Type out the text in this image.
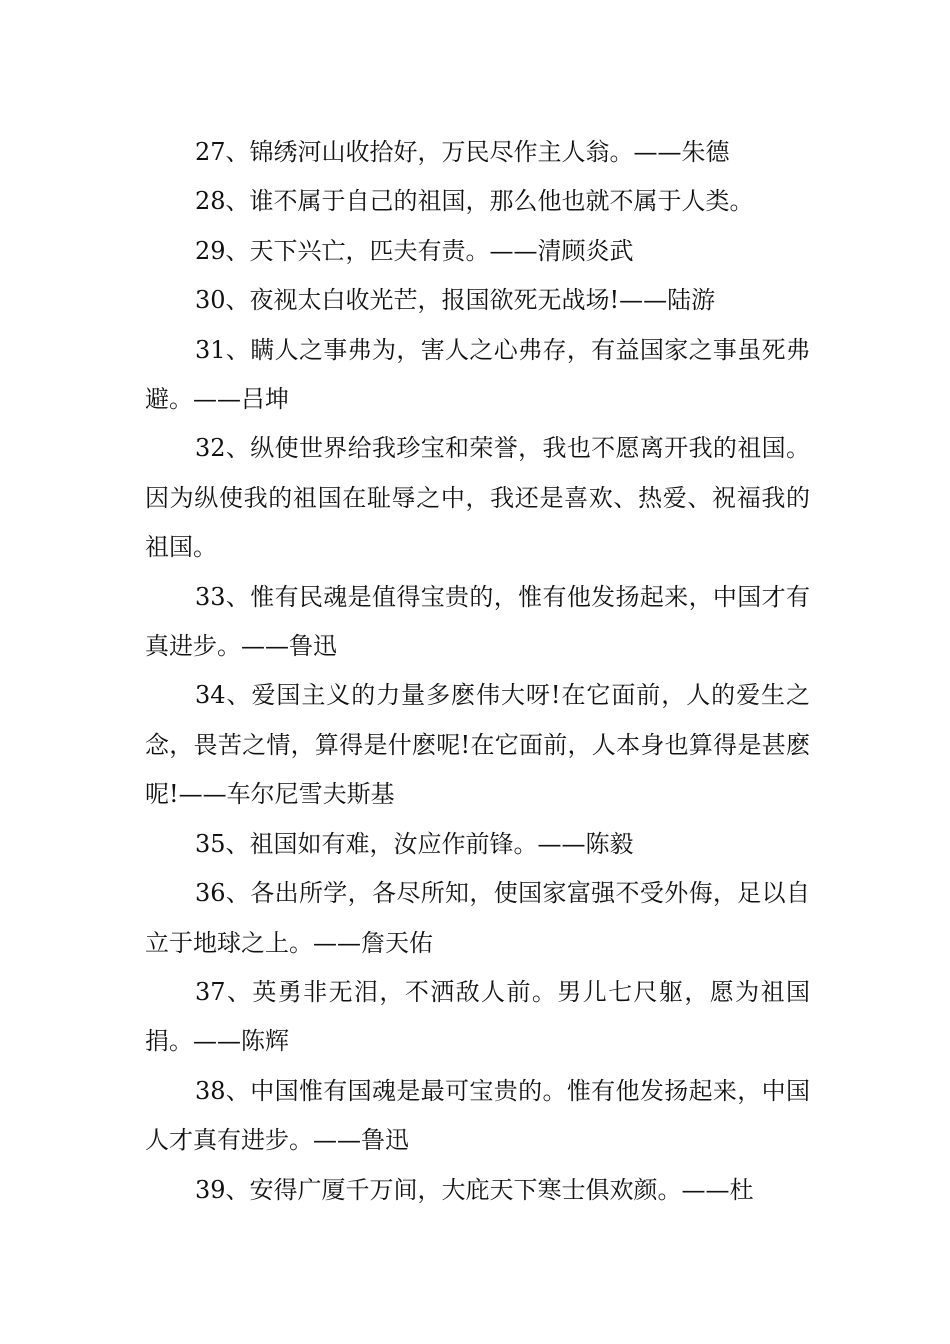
27、锦绣河山收拾好，万民尽作主人翁。——朱德

28、谁不属于自己的祖国，那么他也就不属于人类。

29、天下兴亡，匹夫有责。——清顾炎武

30、夜视太白收光芒，报国欲死无战场!——陆游

31、瞒人之事弗为，害人之心弗存，有益国家之事虽死弗避。——吕坤

32、纵使世界给我珍宝和荣誉，我也不愿离开我的祖国。因为纵使我的祖国在耻辱之中，我还是喜欢、热爱、祝福我的祖国。

33、惟有民魂是值得宝贵的，惟有他发扬起来，中国才有真进步。——鲁迅

34、爱国主义的力量多麽伟大呀!在它面前，人的爱生之念，畏苦之情，算得是什麽呢!在它面前，人本身也算得是甚麽呢!——车尔尼雪夫斯基

35、祖国如有难，汝应作前锋。——陈毅

36、各出所学，各尽所知，使国家富强不受外侮，足以自立于地球之上。——詹天佑

37、英勇非无泪，不洒敌人前。男儿七尺躯，愿为祖国捐。——陈辉

38、中国惟有国魂是最可宝贵的。惟有他发扬起来，中国人才真有进步。——鲁迅

39、安得广厦千万间，大庇天下寒士俱欢颜。——杜
